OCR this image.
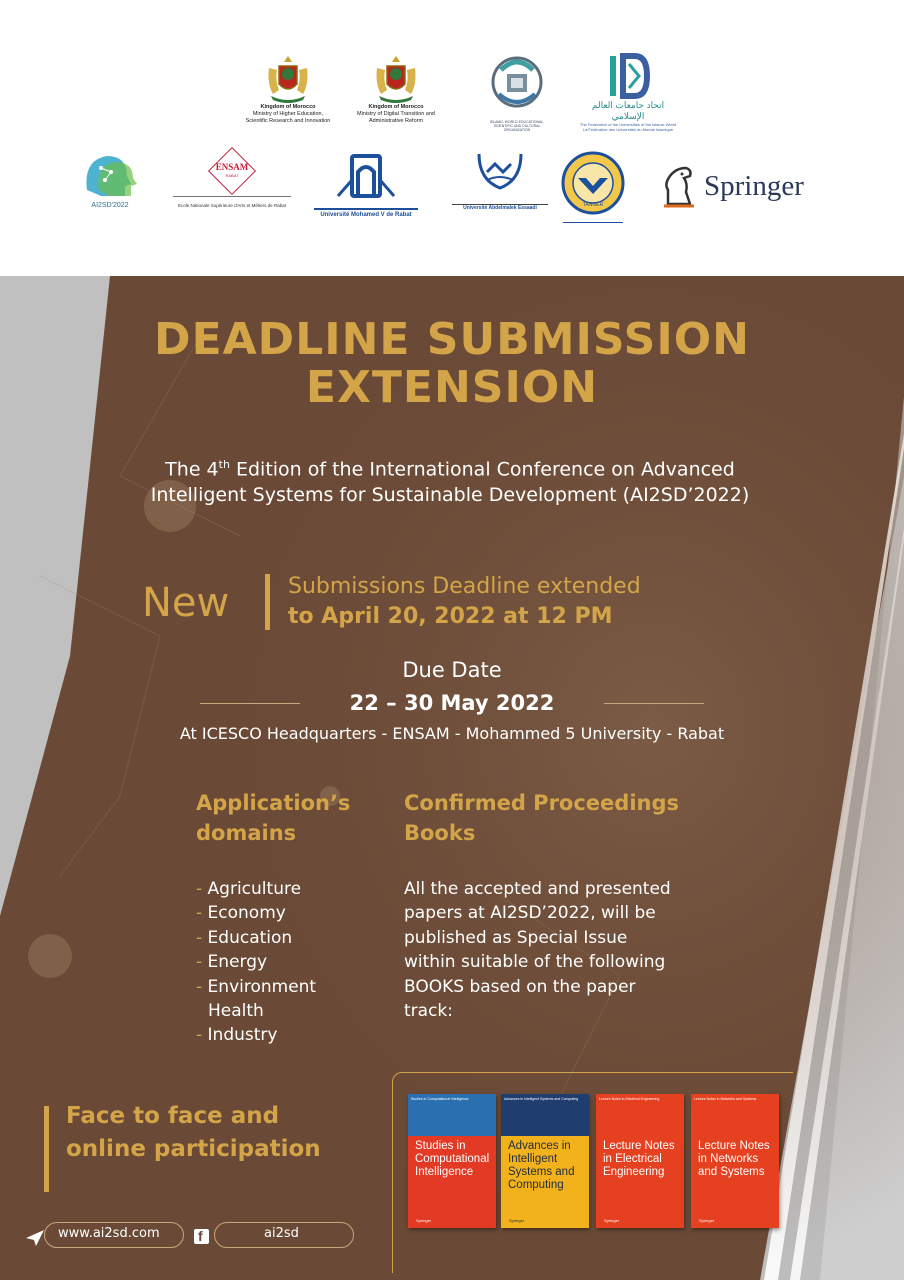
Kingdom of Morocco
Ministry of Higher Education,
Scientific Research and Innovation
Kingdom of Morocco
Ministry of Digital Transition and
Administrative Reform	ISLAMIC WORLD EDUCATIONAL, SCIENTIFIC AND CULTURAL ORGANIZATION
اتحاد جامعات العالم الإسلامي
The Federation of the Universities of the Islamic World
La Fédération des Universités du Monde Islamique
AI2SD'2022
ENSAM
RABAT
Ecole Nationale Supérieure d'Arts et Métiers de Rabat
Université Mohamed V de Rabat
Université Abdelmalek Essaadi	TANGER
Springer
DEADLINE SUBMISSION
EXTENSION
The 4th Edition of the International Conference on Advanced Intelligent Systems for Sustainable Development (AI2SD’2022)
New	Submissions Deadline extended
to April 20, 2022 at 12 PM
Due Date
22 – 30 May 2022
At ICESCO Headquarters - ENSAM - Mohammed 5 University - Rabat
Application’s domains
Confirmed Proceedings Books
- Agriculture
- Economy
- Education
- Energy
- Environment
Health
- Industry
All the accepted and presented papers at AI2SD’2022, will be published as Special Issue within suitable of the following BOOKS based on the paper track:
Face to face and online participation
Studies in Computational Intelligence
Studies in Computational Intelligence
Springer
Advances in Intelligent Systems and Computing
Advances in Intelligent Systems and Computing
Springer
Lecture Notes in Electrical Engineering
Lecture Notes in Electrical Engineering
Springer
Lecture Notes in Networks and Systems
Lecture Notes in Networks and Systems
Springer
www.ai2sd.com	f	ai2sd
